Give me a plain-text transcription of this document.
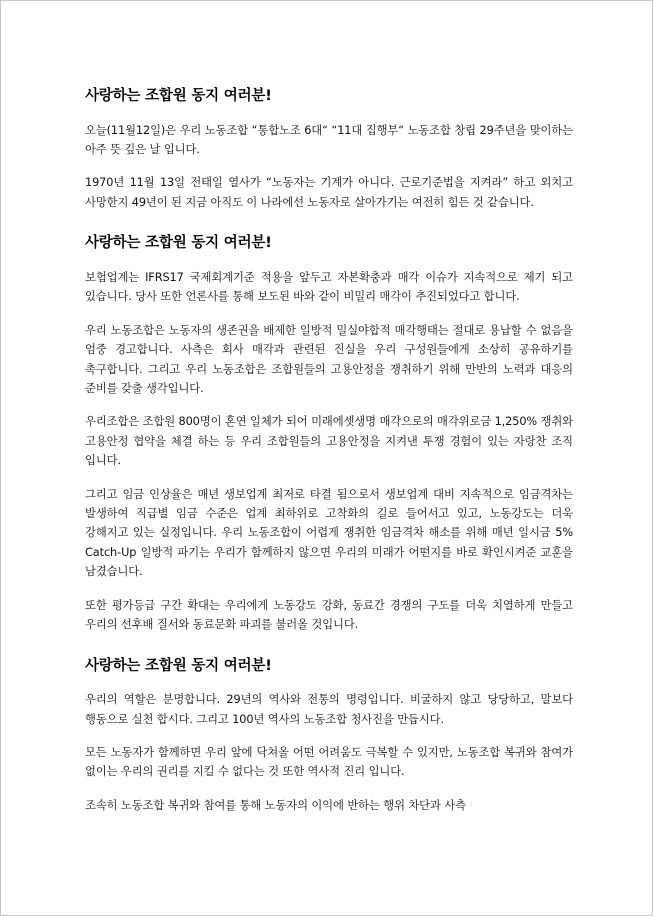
사랑하는 조합원 동지 여러분!

오늘(11월12일)은 우리 노동조합 “통합노조 6대“ “11대 집행부“ 노동조합 창립 29주년을 맞이하는 아주 뜻 깊은 날 입니다.

1970년 11월 13일 전태일 열사가 “노동자는 기계가 아니다. 근로기준법을 지켜라” 하고 외치고 사망한지 49년이 된 지금 아직도 이 나라에선 노동자로 살아가기는 여전히 힘든 것 같습니다.

사랑하는 조합원 동지 여러분!

보험업계는 IFRS17 국제회계기준 적용을 앞두고 자본확충과 매각 이슈가 지속적으로 제기 되고 있습니다. 당사 또한 언론사를 통해 보도된 바와 같이 비밀리 매각이 추진되었다고 합니다.

우리 노동조합은 노동자의 생존권을 배제한 일방적 밀실야합적 매각행태는 절대로 용납할 수 없음을 엄중 경고합니다. 사측은 회사 매각과 관련된 진실을 우리 구성원들에게 소상히 공유하기를 촉구합니다. 그리고 우리 노동조합은 조합원들의 고용안정을 쟁취하기 위해 만반의 노력과 대응의 준비를 갖출 생각입니다.

우리조합은 조합원 800명이 혼연 일체가 되어 미래에셋생명 매각으로의 매각위로금 1,250% 쟁취와 고용안정 협약을 체결 하는 등 우리 조합원들의 고용안정을 지켜낸 투쟁 경험이 있는 자랑찬 조직 입니다.

그리고 임금 인상율은 매년 생보업계 최저로 타결 됨으로서 생보업계 대비 지속적으로 임금격차는 발생하여 직급별 임금 수준은 업계 최하위로 고착화의 길로 들어서고 있고, 노동강도는 더욱 강해지고 있는 실정입니다. 우리 노동조합이 어렵게 쟁취한 임금격차 해소를 위해 매년 일시금 5% Catch-Up 일방적 파기는 우리가 함께하지 않으면 우리의 미래가 어떤지를 바로 확인시켜준 교훈을 남겼습니다.

또한 평가등급 구간 확대는 우리에게 노동강도 강화, 동료간 경쟁의 구도를 더욱 치열하게 만들고 우리의 선후배 질서와 동료문화 파괴를 불러올 것입니다.

사랑하는 조합원 동지 여러분!

우리의 역할은 분명합니다. 29년의 역사와 전통의 명령입니다. 비굴하지 않고 당당하고, 말보다 행동으로 실천 합시다. 그리고 100년 역사의 노동조합 청사진을 만듭시다.

모든 노동자가 함께하면 우리 앞에 닥쳐올 어떤 어려움도 극복할 수 있지만, 노동조합 복귀와 참여가 없이는 우리의 권리를 지킬 수 없다는 것 또한 역사적 진리 입니다.

조속히 노동조합 복귀와 참여를 통해 노동자의 이익에 반하는 행위 차단과 사측
